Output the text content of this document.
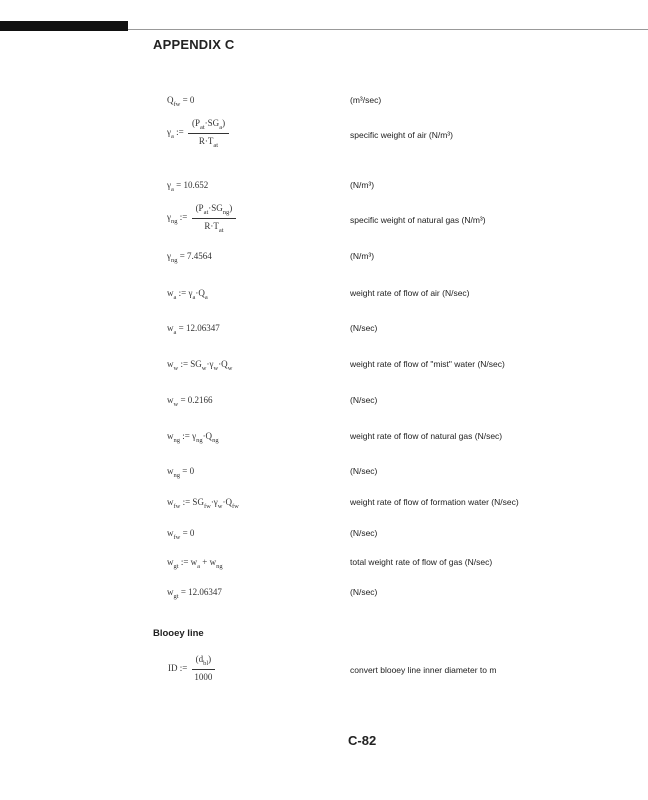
APPENDIX C
$Q_{fw} = 0$	(m³/sec)
$\gamma_a$ := $\frac{(P_{at}\cdot SG_a)}{R\cdot T_{at}}$	specific weight of air (N/m³)
$\gamma_a = 10.652$	(N/m³)
$\gamma_{ng}$ := $\frac{(P_{at}\cdot SG_{ng})}{R\cdot T_{at}}$	specific weight of natural gas (N/m³)
$\gamma_{ng} = 7.4564$	(N/m³)
$w_a$ := $\gamma_a\cdot Q_a$	weight rate of flow of air (N/sec)
$w_a = 12.06347$	(N/sec)
$w_w$ := $SG_w\cdot\gamma_w\cdot Q_w$	weight rate of flow of "mist" water (N/sec)
$w_w = 0.2166$	(N/sec)
$w_{ng}$ := $\gamma_{ng}\cdot Q_{ng}$	weight rate of flow of natural gas (N/sec)
$w_{ng} = 0$	(N/sec)
$w_{fw}$ := $SG_{fw}\cdot\gamma_w\cdot Q_{fw}$	weight rate of flow of formation water (N/sec)
$w_{fw} = 0$	(N/sec)
$w_{gt}$ := $w_a + w_{ng}$	total weight rate of flow of gas (N/sec)
$w_{gt} = 12.06347$	(N/sec)
Blooey line
ID := $\frac{(d_{bl})}{1000}$	convert blooey line inner diameter to m
C-82
